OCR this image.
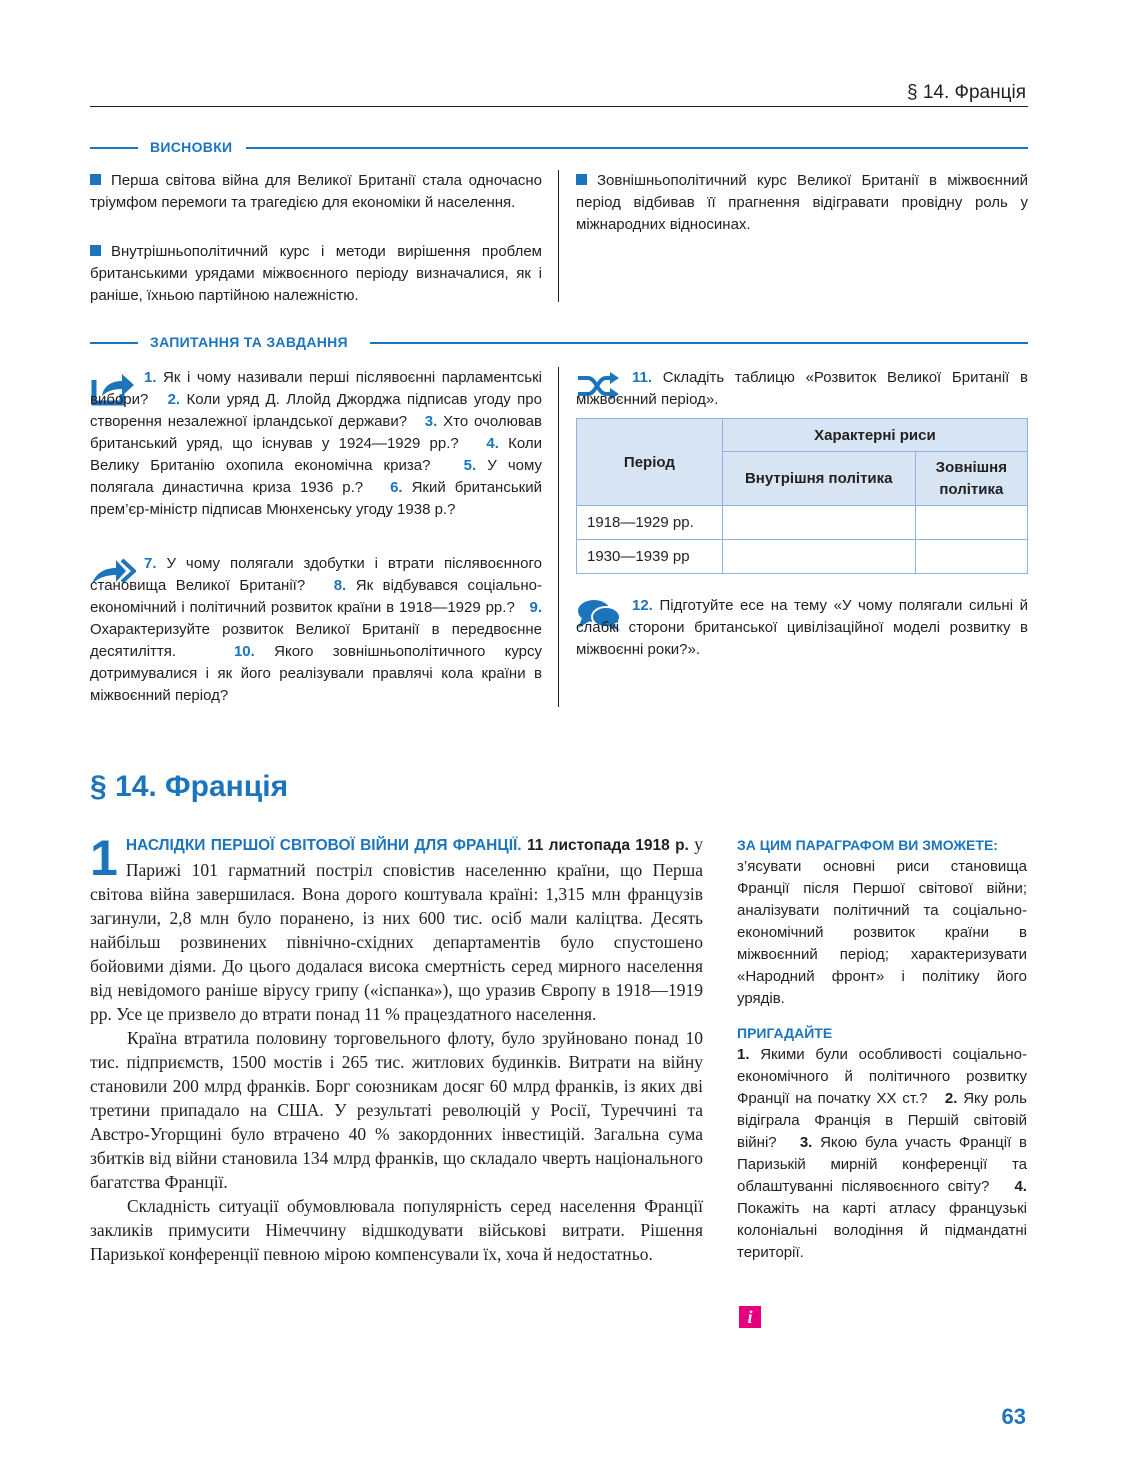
§ 14. Франція
ВИСНОВКИ
Перша світова війна для Великої Британії стала одночасно тріумфом перемоги та трагедією для економіки й населення.
Внутрішньополітичний курс і методи вирішення проблем британськими урядами міжвоєнного періоду визначалися, як і раніше, їхньою партійною належністю.
Зовнішньополітичний курс Великої Британії в міжвоєнний період відбивав її прагнення відігравати провідну роль у міжнародних відносинах.
ЗАПИТАННЯ ТА ЗАВДАННЯ
1. Як і чому називали перші післявоєнні парламентські вибори? 2. Коли уряд Д. Ллойд Джорджа підписав угоду про створення незалежної ірландської держави? 3. Хто очолював британський уряд, що існував у 1924—1929 рр.? 4. Коли Велику Британію охопила економічна криза? 5. У чому полягала династична криза 1936 р.? 6. Який британський прем’єр-міністр підписав Мюнхенську угоду 1938 р.?
7. У чому полягали здобутки і втрати післявоєнного становища Великої Британії? 8. Як відбувався соціально-економічний і політичний розвиток країни в 1918—1929 рр.? 9. Охарактеризуйте розвиток Великої Британії в передвоєнне десятиліття.	10. Якого зовнішньополітичного курсу дотримувалися і як його реалізували правлячі кола країни в міжвоєнний період?
11. Складіть таблицю «Розвиток Великої Британії в міжвоєнний період».
Період	Характерні риси	
	Внутрішня політика	Зовнішня політика
1918—1929 рр.		
1930—1939 рр		
12. Підготуйте есе на тему «У чому полягали сильні й слабкі сторони британської цивілізаційної моделі розвитку в міжвоєнні роки?».
§ 14. Франція

1 НАСЛІДКИ ПЕРШОЇ СВІТОВОЇ ВІЙНИ ДЛЯ ФРАНЦІЇ. 11 листопада 1918 р. у Парижі 101 гарматний постріл сповістив населенню країни, що Перша світова війна завершилася. Вона дорого коштувала країні: 1,315 млн французів загинули, 2,8 млн було поранено, із них 600 тис. осіб мали каліцтва. Десять найбільш розвинених північно-східних департаментів було спустошено бойовими діями. До цього додалася висока смертність серед мирного населення від невідомого раніше вірусу грипу («іспанка»), що уразив Європу в 1918—1919 рр. Усе це призвело до втрати понад 11 % працездатного населення.

Країна втратила половину торговельного флоту, було зруйновано понад 10 тис. підприємств, 1500 мостів і 265 тис. житлових будинків. Витрати на війну становили 200 млрд франків. Борг союзникам досяг 60 млрд франків, із яких дві третини припадало на США. У результаті революцій у Росії, Туреччині та Австро-Угорщині було втрачено 40 % закордонних інвестицій. Загальна сума збитків від війни становила 134 млрд франків, що складало чверть національного багатства Франції.

Складність ситуації обумовлювала популярність серед населення Франції закликів примусити Німеччину відшкодувати військові витрати. Рішення Паризької конференції певною мірою компенсували їх, хоча й недостатньо.

ЗА ЦИМ ПАРАГРАФОМ ВИ ЗМОЖЕТЕ:
з’ясувати основні риси становища Франції після Першої світової війни; аналізувати політичний та соціально-економічний розвиток країни в міжвоєнний період; характеризувати «Народний фронт» і політику його урядів.
ПРИГАДАЙТЕ
1. Якими були особливості соціально-економічного й політичного розвитку Франції на початку ХХ ст.? 2. Яку роль відіграла Франція в Першій світовій війні? 3. Якою була участь Франції в Паризькій мирній конференції та облаштуванні післявоєнного світу? 4. Покажіть на карті атласу французькі колоніальні володіння й підмандатні території.
i
63
